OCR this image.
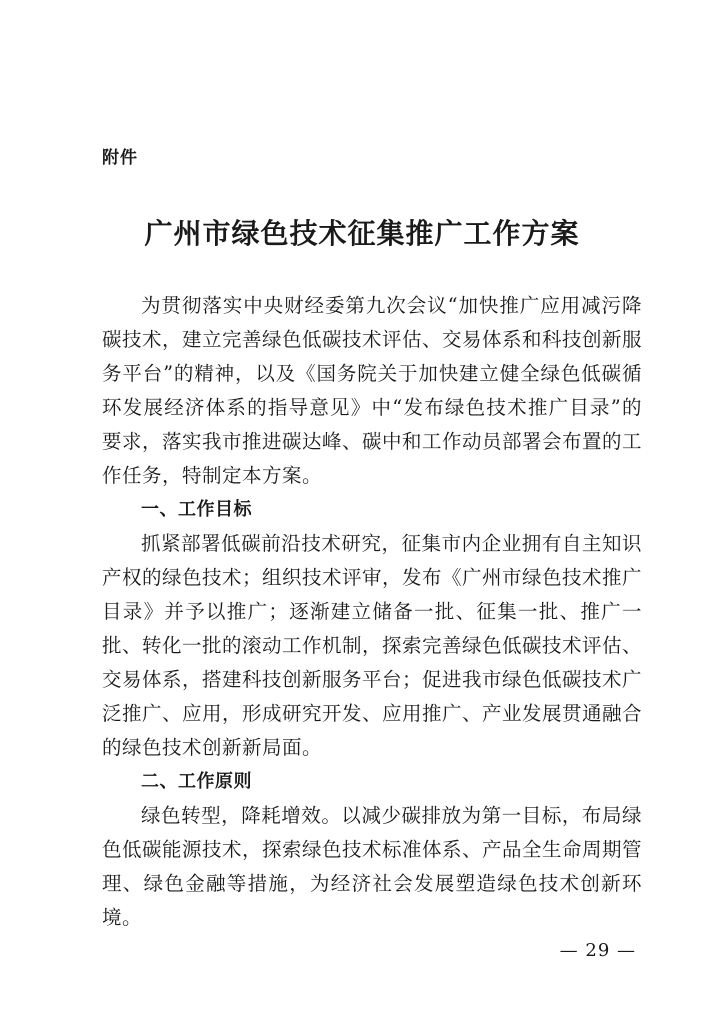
附件
广州市绿色技术征集推广工作方案

为贯彻落实中央财经委第九次会议“加快推广应用减污降碳技术，建立完善绿色低碳技术评估、交易体系和科技创新服务平台”的精神，以及《国务院关于加快建立健全绿色低碳循环发展经济体系的指导意见》中“发布绿色技术推广目录”的要求，落实我市推进碳达峰、碳中和工作动员部署会布置的工作任务，特制定本方案。

一、工作目标

抓紧部署低碳前沿技术研究，征集市内企业拥有自主知识产权的绿色技术；组织技术评审，发布《广州市绿色技术推广目录》并予以推广；逐渐建立储备一批、征集一批、推广一批、转化一批的滚动工作机制，探索完善绿色低碳技术评估、交易体系，搭建科技创新服务平台；促进我市绿色低碳技术广泛推广、应用，形成研究开发、应用推广、产业发展贯通融合的绿色技术创新新局面。

二、工作原则

绿色转型，降耗增效。以减少碳排放为第一目标，布局绿色低碳能源技术，探索绿色技术标准体系、产品全生命周期管理、绿色金融等措施，为经济社会发展塑造绿色技术创新环境。

— 29 —
